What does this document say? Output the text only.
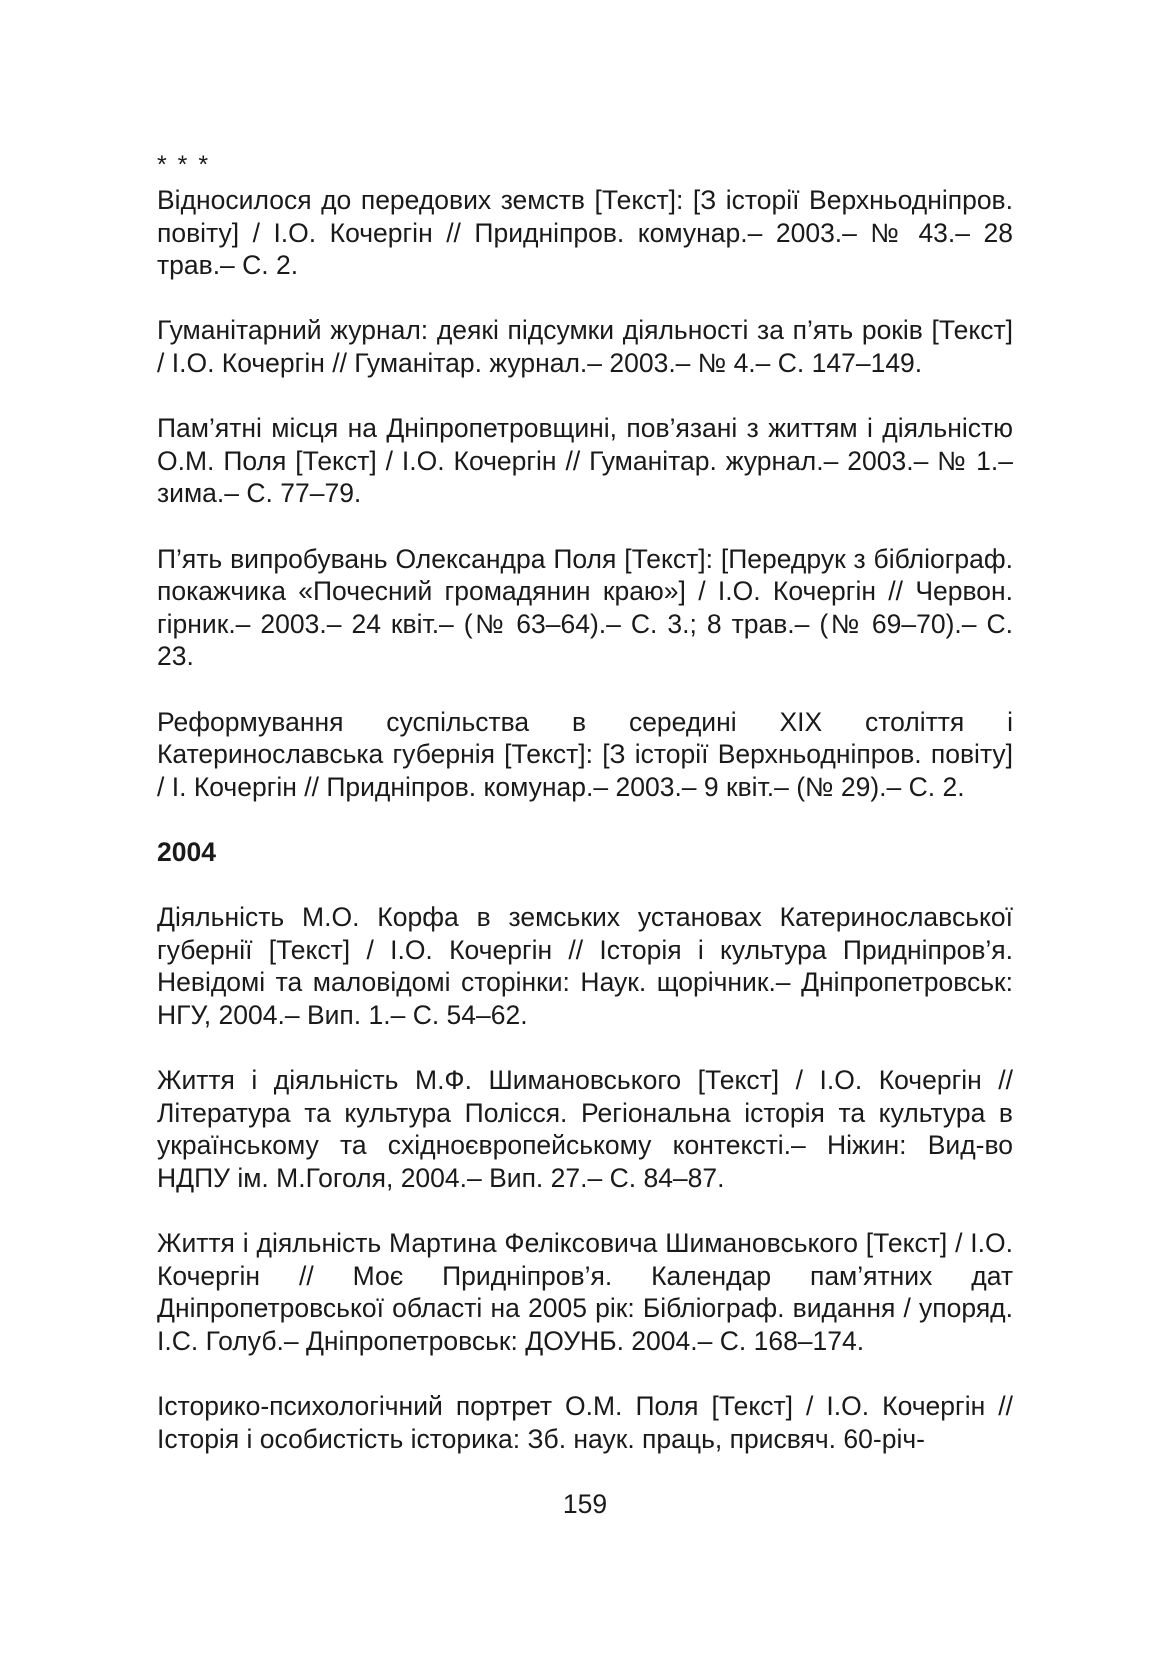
* * *

Відносилося до передових земств [Текст]: [З історії Верхньодніпров. повіту] / І.О. Кочергін // Придніпров. комунар.– 2003.– № 43.– 28 трав.– С. 2.

Гуманітарний журнал: деякі підсумки діяльності за п’ять років [Текст] / І.О. Кочергін // Гуманітар. журнал.– 2003.– № 4.– С. 147–149.

Пам’ятні місця на Дніпропетровщині, пов’язані з життям і діяльністю О.М. Поля [Текст] / І.О. Кочергін // Гуманітар. журнал.– 2003.– № 1.– зима.– С. 77–79.

П’ять випробувань Олександра Поля [Текст]: [Передрук з бібліограф. покажчика «Почесний громадянин краю»] / І.О. Кочергін // Червон. гірник.– 2003.– 24 квіт.– (№ 63–64).– С. 3.; 8 трав.– (№ 69–70).– С. 23.

Реформування суспільства в середині XIX століття і Катеринославська губернія [Текст]: [З історії Верхньодніпров. повіту] / І. Кочергін // Придніпров. комунар.– 2003.– 9 квіт.– (№ 29).– С. 2.

2004

Діяльність М.О. Корфа в земських установах Катеринославської губернії [Текст] / І.О. Кочергін // Історія і культура Придніпров’я. Невідомі та маловідомі сторінки: Наук. щорічник.– Дніпропетровськ: НГУ, 2004.– Вип. 1.– С. 54–62.

Життя і діяльність М.Ф. Шимановського [Текст] / І.О. Кочергін // Література та культура Полісся. Регіональна історія та культура в українському та східноєвропейському контексті.– Ніжин: Вид-во НДПУ ім. М.Гоголя, 2004.– Вип. 27.– С. 84–87.

Життя і діяльність Мартина Феліксовича Шимановського [Текст] / І.О. Кочергін // Моє Придніпров’я. Календар пам’ятних дат Дніпропетровської області на 2005 рік: Бібліограф. видання / упоряд. І.С. Голуб.– Дніпропетровськ: ДОУНБ. 2004.– С. 168–174.

Історико-психологічний портрет О.М. Поля [Текст] / І.О. Кочергін // Історія і особистість історика: Зб. наук. праць, присвяч. 60-річ-

159
